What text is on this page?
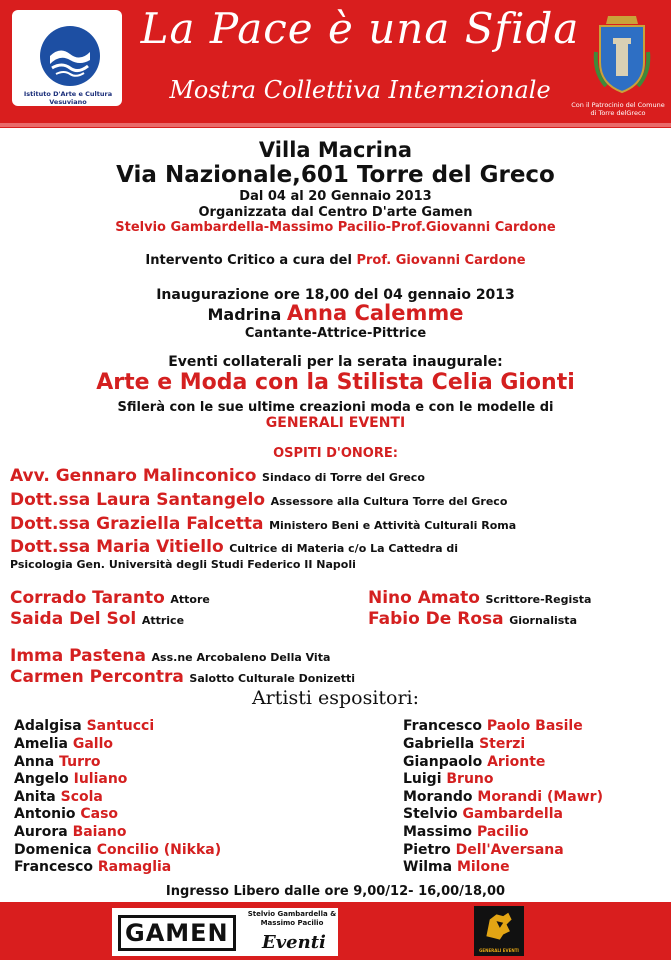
Istituto D'Arte e Cultura Vesuviano
La Pace è una Sfida
Mostra Collettiva Internzionale
Con il Patrocinio del Comune di Torre delGreco
Villa Macrina
Via Nazionale,601 Torre del Greco
Dal 04 al 20 Gennaio 2013
Organizzata dal Centro D'arte Gamen
Stelvio Gambardella-Massimo Pacilio-Prof.Giovanni Cardone
Intervento Critico a cura del Prof. Giovanni Cardone
Inaugurazione ore 18,00 del 04 gennaio 2013
Madrina Anna Calemme
Cantante-Attrice-Pittrice
Eventi collaterali per la serata inaugurale:
Arte e Moda con la Stilista Celia Gionti
Sfilerà con le sue ultime creazioni moda e con le modelle di
GENERALI EVENTI
OSPITI D'ONORE:
Avv. Gennaro Malinconico Sindaco di Torre del Greco
Dott.ssa Laura Santangelo Assessore alla Cultura Torre del Greco
Dott.ssa Graziella Falcetta Ministero Beni e Attività Culturali Roma
Dott.ssa Maria Vitiello Cultrice di Materia c/o La Cattedra di
Psicologia Gen. Università degli Studi Federico II Napoli
Corrado Taranto Attore
Saida Del Sol Attrice
Nino Amato Scrittore-Regista
Fabio De Rosa Giornalista
Imma Pastena Ass.ne Arcobaleno Della Vita
Carmen Percontra Salotto Culturale Donizetti
Artisti espositori:
Adalgisa Santucci
Amelia Gallo
Anna Turro
Angelo Iuliano
Anita Scola
Antonio Caso
Aurora Baiano
Domenica Concilio (Nikka)
Francesco Ramaglia
Francesco Paolo Basile
Gabriella Sterzi
Gianpaolo Arionte
Luigi Bruno
Morando Morandi (Mawr)
Stelvio Gambardella
Massimo Pacilio
Pietro Dell'Aversana
Wilma Milone
Ingresso Libero dalle ore 9,00/12- 16,00/18,00
GAMEN
Stelvio Gambardella & Massimo Pacilio
Eventi	GENERALI EVENTI
